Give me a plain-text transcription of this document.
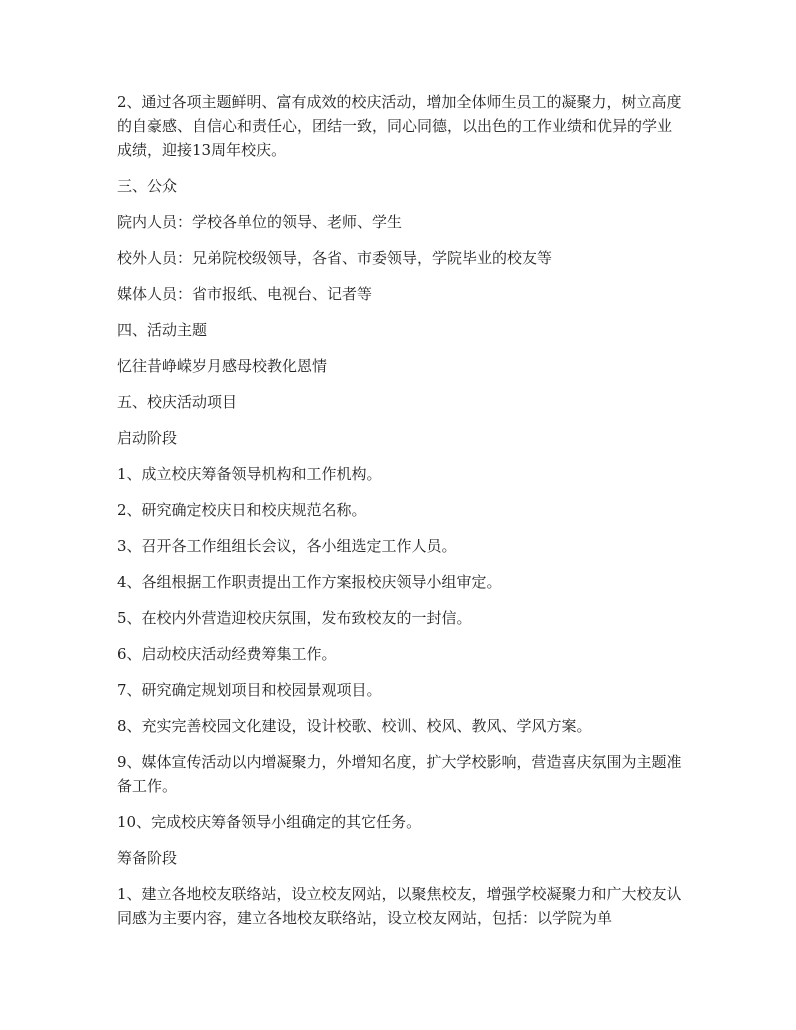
2、通过各项主题鲜明、富有成效的校庆活动，增加全体师生员工的凝聚力，树立高度的自豪感、自信心和责任心，团结一致，同心同德，以出色的工作业绩和优异的学业成绩，迎接13周年校庆。

三、公众

院内人员：学校各单位的领导、老师、学生

校外人员：兄弟院校级领导，各省、市委领导，学院毕业的校友等

媒体人员：省市报纸、电视台、记者等

四、活动主题

忆往昔峥嵘岁月感母校教化恩情

五、校庆活动项目

启动阶段

1、成立校庆筹备领导机构和工作机构。

2、研究确定校庆日和校庆规范名称。

3、召开各工作组组长会议，各小组选定工作人员。

4、各组根据工作职责提出工作方案报校庆领导小组审定。

5、在校内外营造迎校庆氛围，发布致校友的一封信。

6、启动校庆活动经费筹集工作。

7、研究确定规划项目和校园景观项目。

8、充实完善校园文化建设，设计校歌、校训、校风、教风、学风方案。

9、媒体宣传活动以内增凝聚力，外增知名度，扩大学校影响，营造喜庆氛围为主题准备工作。

10、完成校庆筹备领导小组确定的其它任务。

筹备阶段

1、建立各地校友联络站，设立校友网站，以聚焦校友，增强学校凝聚力和广大校友认同感为主要内容，建立各地校友联络站，设立校友网站，包括：以学院为单
